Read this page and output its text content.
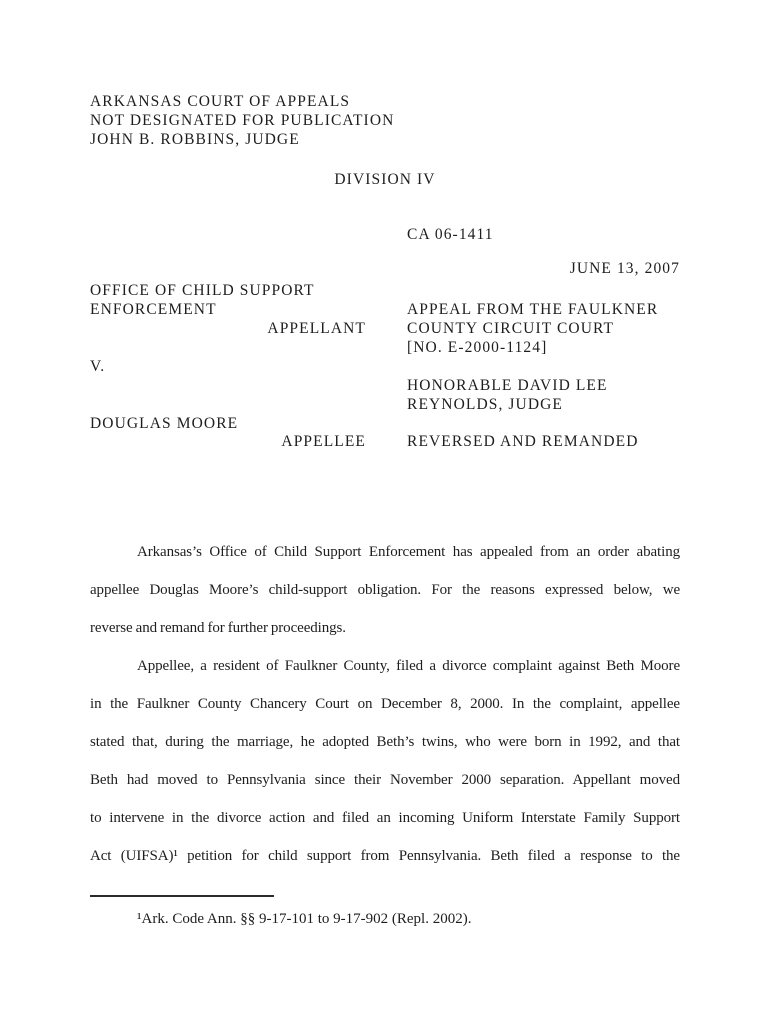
ARKANSAS COURT OF APPEALS
NOT DESIGNATED FOR PUBLICATION
JOHN B. ROBBINS, JUDGE
DIVISION IV
CA 06-1411
JUNE 13, 2007
OFFICE OF CHILD SUPPORT
ENFORCEMENT	APPEAL FROM THE FAULKNER
APPELLANT	COUNTY CIRCUIT COURT
[NO. E-2000-1124]
V.
HONORABLE DAVID LEE
REYNOLDS, JUDGE
DOUGLAS MOORE
APPELLEE	REVERSED AND REMANDED
Arkansas’s Office of Child Support Enforcement has appealed from an order abating
appellee Douglas Moore’s child-support obligation. For the reasons expressed below, we
reverse and remand for further proceedings.
Appellee, a resident of Faulkner County, filed a divorce complaint against Beth Moore
in the Faulkner County Chancery Court on December 8, 2000. In the complaint, appellee
stated that, during the marriage, he adopted Beth’s twins, who were born in 1992, and that
Beth had moved to Pennsylvania since their November 2000 separation. Appellant moved
to intervene in the divorce action and filed an incoming Uniform Interstate Family Support
Act (UIFSA)¹ petition for child support from Pennsylvania. Beth filed a response to the
¹Ark. Code Ann. §§ 9-17-101 to 9-17-902 (Repl. 2002).
